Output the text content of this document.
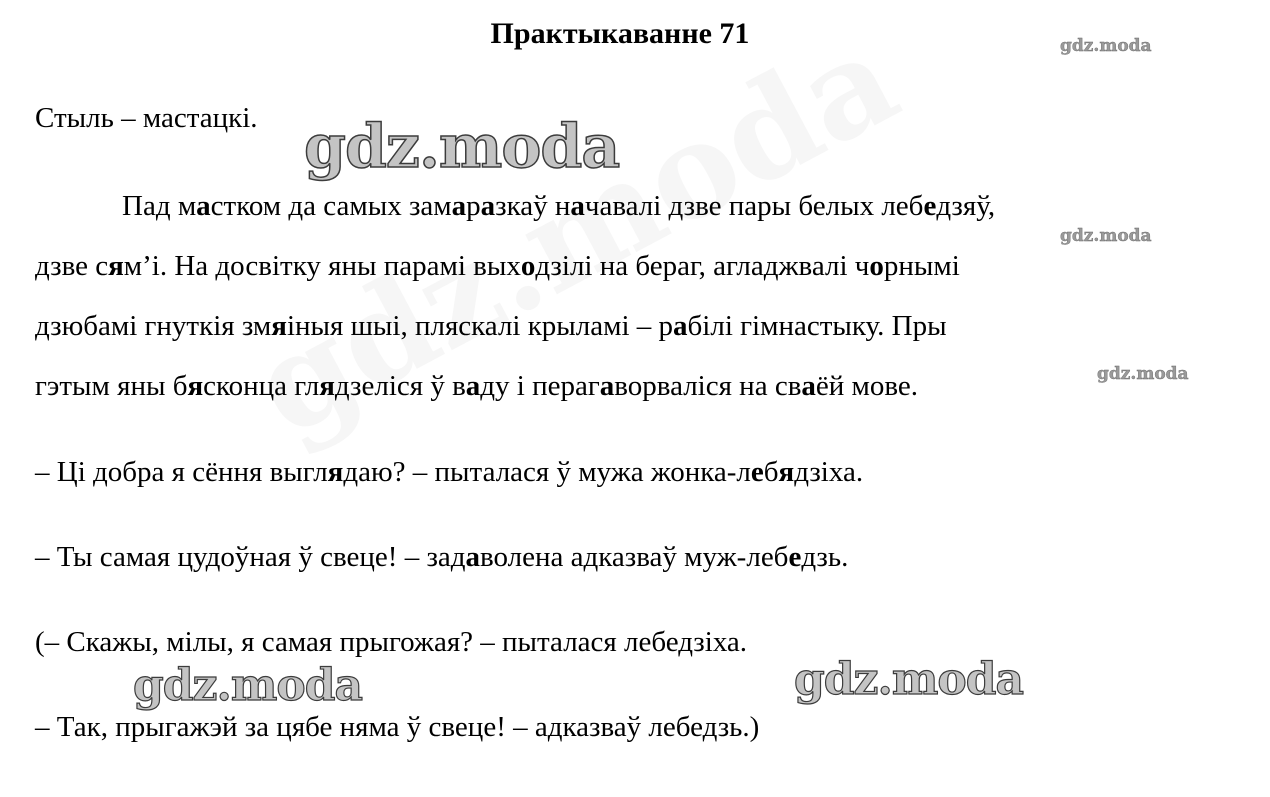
Практыкаванне 71
Стыль – мастацкі.
Пад мастком да самых замаразкаў начавалі дзве пары белых лебедзяў,
дзве сям’і. На досвітку яны парамі выходзілі на бераг, агладжвалі чорнымі
дзюбамі гнуткія змяіныя шыі, пляскалі крыламі – рабілі гімнастыку. Пры
гэтым яны бясконца глядзеліся ў ваду і перагаворваліся на сваёй мове.
– Ці добра я сёння выглядаю? – пыталася ў мужа жонка-лебядзіха.
– Ты самая цудоўная ў свеце! – задаволена адказваў муж-лебедзь.
(– Скажы, мілы, я самая прыгожая? – пыталася лебедзіха.
– Так, прыгажэй за цябе няма ў свеце! – адказваў лебедзь.)
gdz.moda
gdz.moda
gdz.moda
gdz.moda
gdz.moda	gdz.moda
